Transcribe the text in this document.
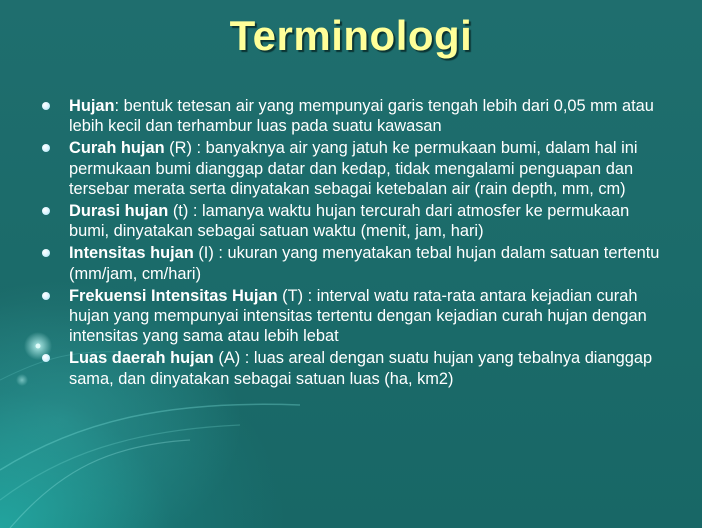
Terminologi
Hujan: bentuk tetesan air yang mempunyai garis tengah lebih dari 0,05 mm atau lebih kecil dan terhambur luas pada suatu kawasan
Curah hujan (R) : banyaknya air yang jatuh ke permukaan bumi, dalam hal ini permukaan bumi dianggap datar dan kedap, tidak mengalami penguapan dan tersebar merata serta dinyatakan sebagai ketebalan air (rain depth, mm, cm)
Durasi hujan (t) : lamanya waktu hujan tercurah dari atmosfer ke permukaan bumi, dinyatakan sebagai satuan waktu (menit, jam, hari)
Intensitas hujan (I) : ukuran yang menyatakan tebal hujan dalam satuan tertentu (mm/jam, cm/hari)
Frekuensi Intensitas Hujan (T) : interval watu rata-rata antara kejadian curah hujan yang mempunyai intensitas tertentu dengan kejadian curah hujan dengan intensitas yang sama atau lebih lebat
Luas daerah hujan (A) : luas areal dengan suatu hujan yang tebalnya dianggap sama, dan dinyatakan sebagai satuan luas (ha, km2)
